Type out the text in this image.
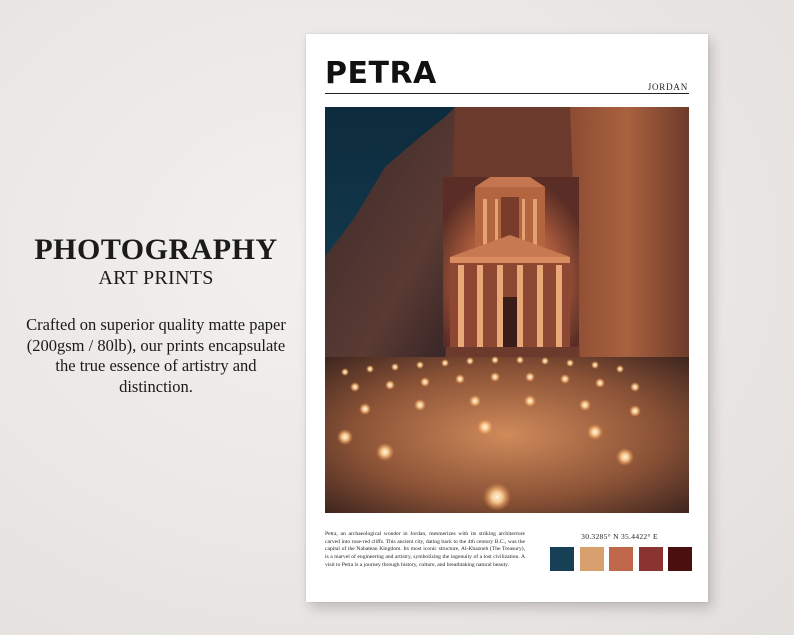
PHOTOGRAPHY
ART PRINTS
Crafted on superior quality matte paper (200gsm / 80lb), our prints encapsulate the true essence of artistry and distinction.
PETRA	JORDAN
Petra, an archaeological wonder in Jordan, mesmerizes with its striking architecture carved into rose-red cliffs. This ancient city, dating back to the 4th century B.C., was the capital of the Nabatean Kingdom. Its most iconic structure, Al-Khazneh (The Treasury), is a marvel of engineering and artistry, symbolizing the ingenuity of a lost civilization. A visit to Petra is a journey through history, culture, and breathtaking natural beauty.
30.3285° N 35.4422° E
